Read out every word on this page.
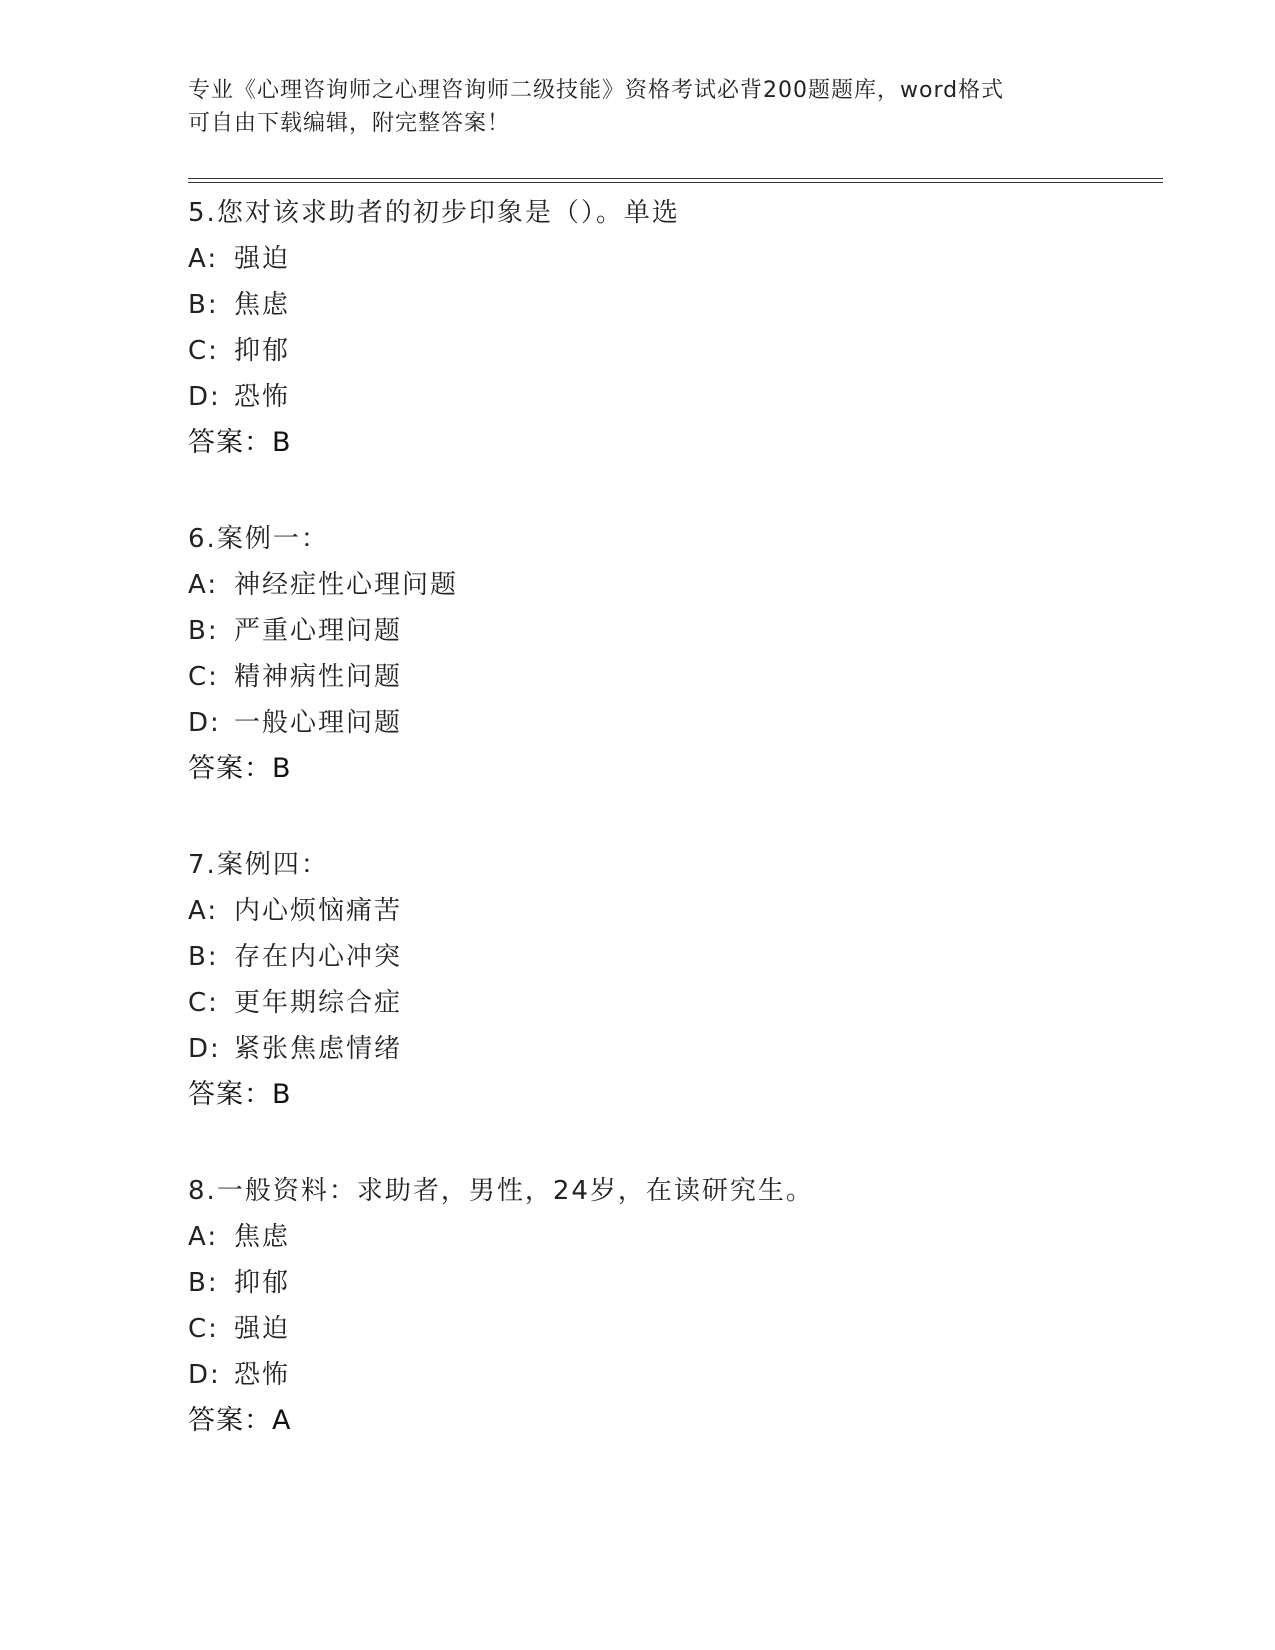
专业《心理咨询师之心理咨询师二级技能》资格考试必背200题题库，word格式
可自由下载编辑，附完整答案！
5.您对该求助者的初步印象是（）。单选
A: 强迫
B: 焦虑
C: 抑郁
D: 恐怖
答案：B
6.案例一：
A: 神经症性心理问题
B: 严重心理问题
C: 精神病性问题
D: 一般心理问题
答案：B
7.案例四：
A: 内心烦恼痛苦
B: 存在内心冲突
C: 更年期综合症
D: 紧张焦虑情绪
答案：B
8.一般资料：求助者，男性，24岁，在读研究生。
A: 焦虑
B: 抑郁
C: 强迫
D: 恐怖
答案：A
